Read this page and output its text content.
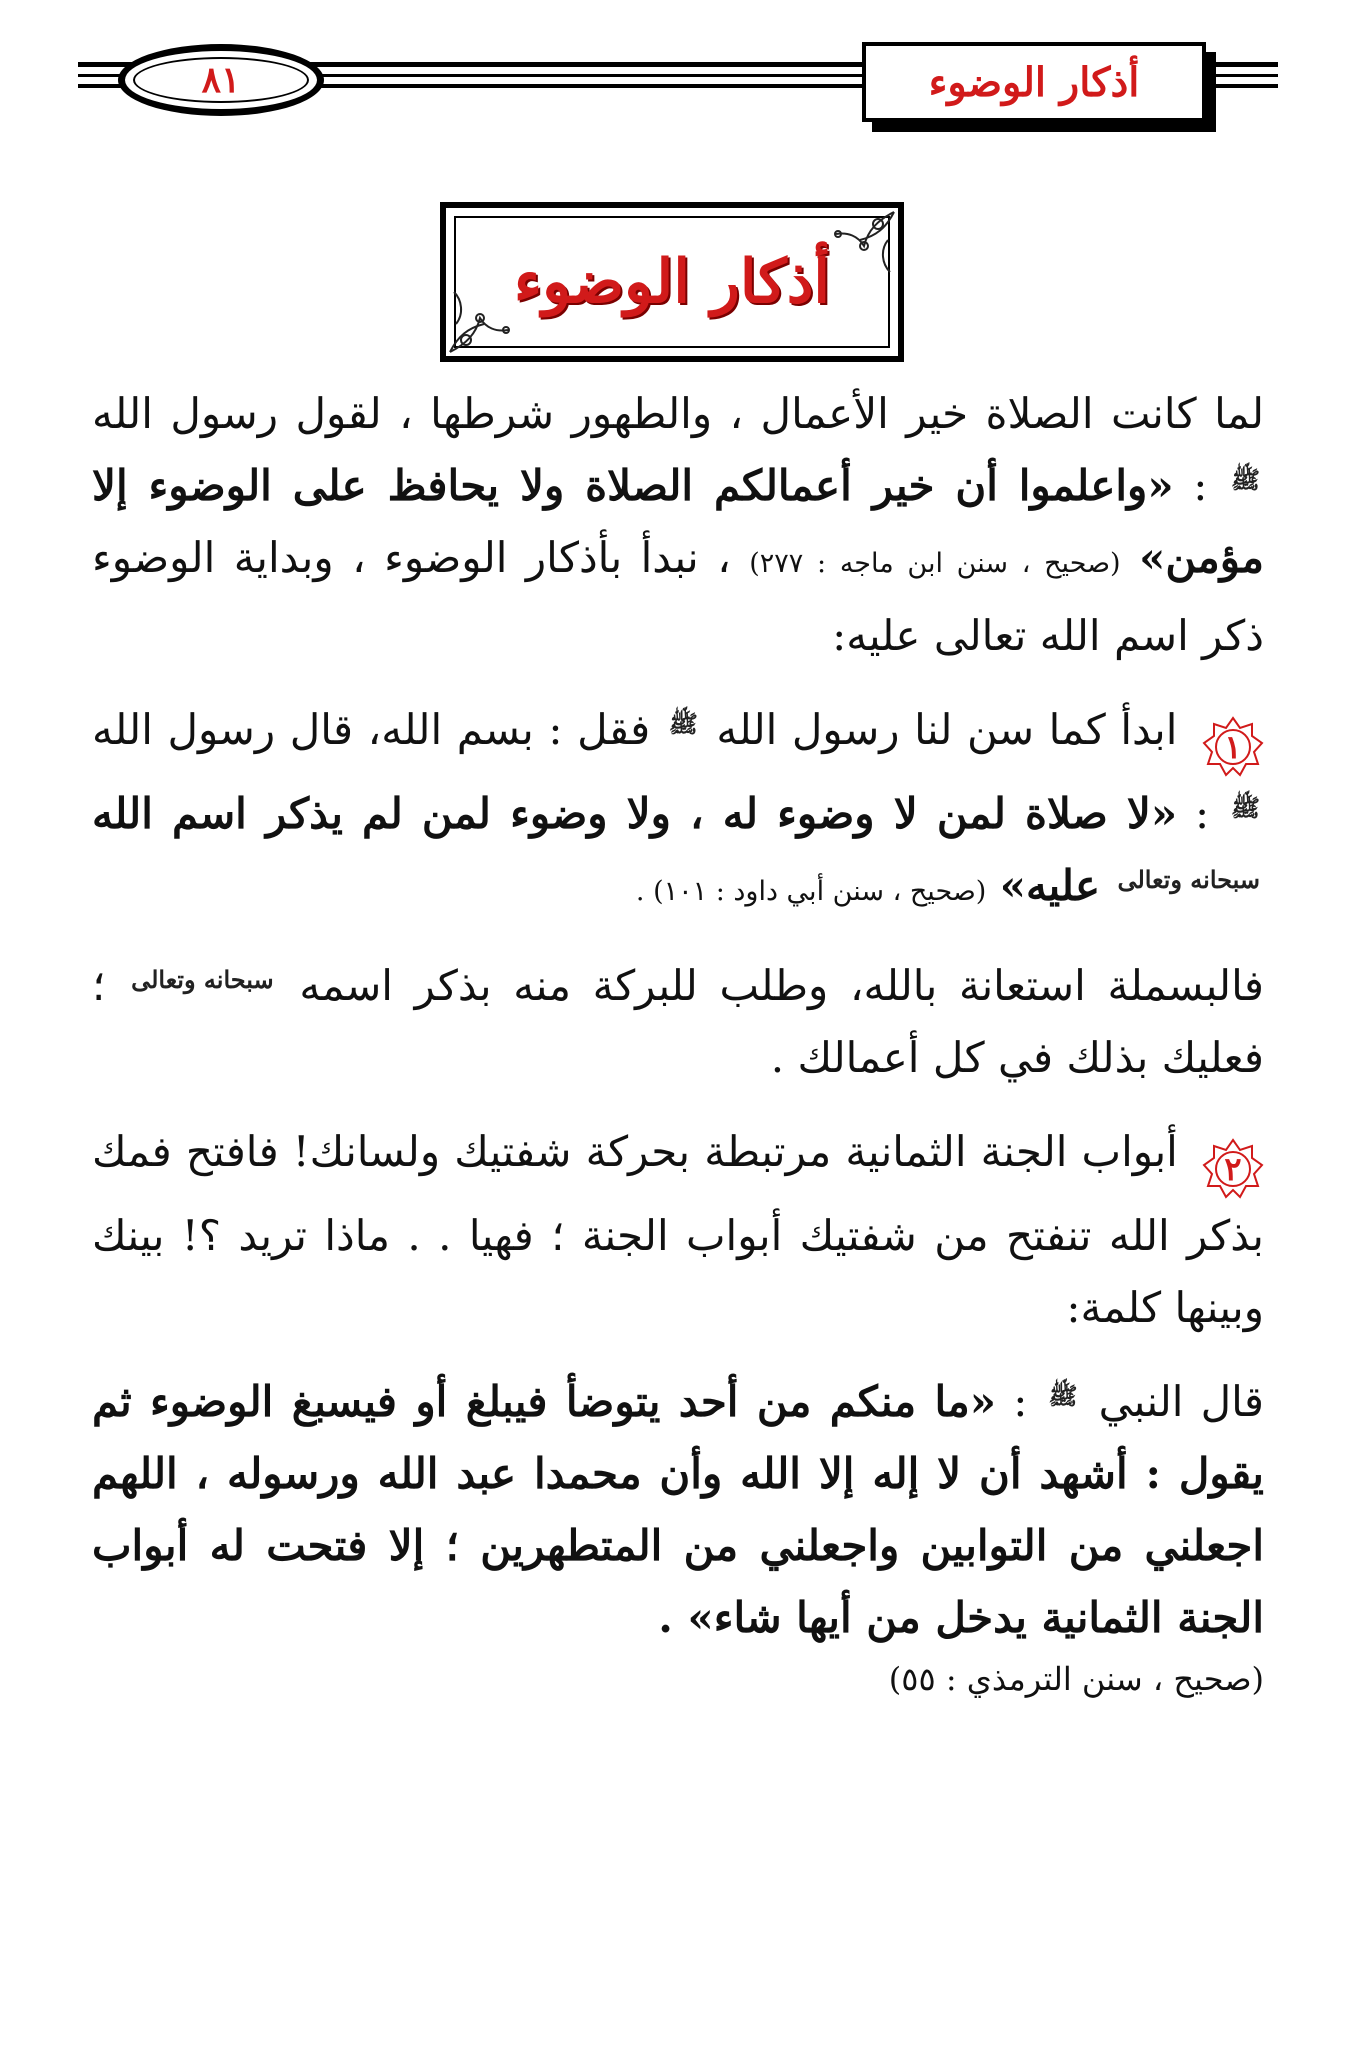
٨١	أذكار الوضوء
أذكار الوضوء

لما كانت الصلاة خير الأعمال ، والطهور شرطها ، لقول رسول الله ﷺ : «واعلموا أن خير أعمالكم الصلاة ولا يحافظ على الوضوء إلا مؤمن» (صحيح ، سنن ابن ماجه : ٢٧٧) ، نبدأ بأذكار الوضوء ، وبداية الوضوء ذكر اسم الله تعالى عليه:

١
ابدأ كما سن لنا رسول الله ﷺ فقل : بسم الله، قال رسول الله ﷺ : «لا صلاة لمن لا وضوء له ، ولا وضوء لمن لم يذكر اسم الله سبحانه وتعالى عليه» (صحيح ، سنن أبي داود : ١٠١) .

فالبسملة استعانة بالله، وطلب للبركة منه بذكر اسمه سبحانه وتعالى ؛ فعليك بذلك في كل أعمالك .

٢
أبواب الجنة الثمانية مرتبطة بحركة شفتيك ولسانك! فافتح فمك بذكر الله تنفتح من شفتيك أبواب الجنة ؛ فهيا . . ماذا تريد ؟! بينك وبينها كلمة:

قال النبي ﷺ : «ما منكم من أحد يتوضأ فيبلغ أو فيسبغ الوضوء ثم يقول : أشهد أن لا إله إلا الله وأن محمدا عبد الله ورسوله ، اللهم اجعلني من التوابين واجعلني من المتطهرين ؛ إلا فتحت له أبواب الجنة الثمانية يدخل من أيها شاء» .

(صحيح ، سنن الترمذي : ٥٥)
